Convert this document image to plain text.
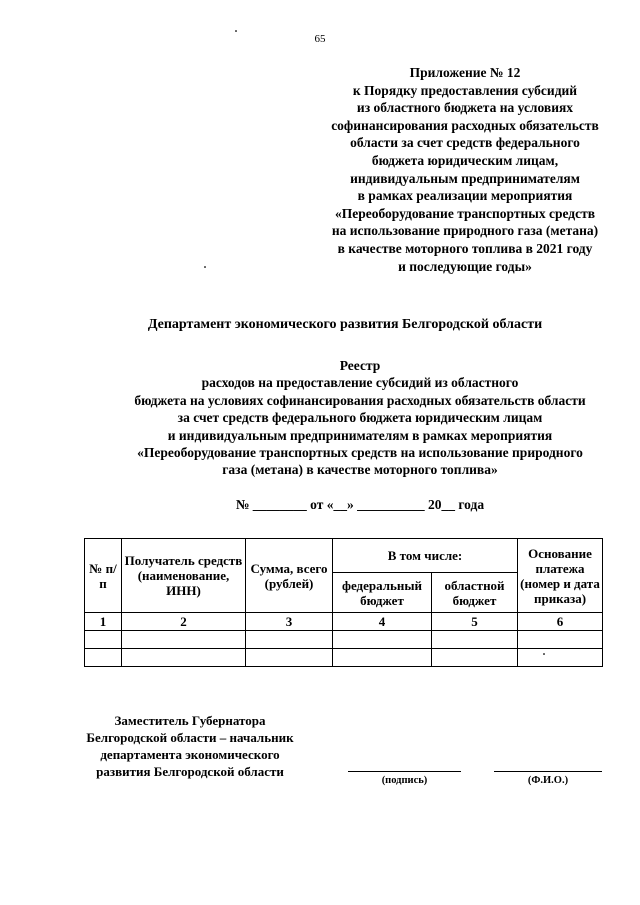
65
Приложение № 12
к Порядку предоставления субсидий
из областного бюджета на условиях
софинансирования расходных обязательств
области за счет средств федерального
бюджета юридическим лицам,
индивидуальным предпринимателям
в рамках реализации мероприятия
«Переоборудование транспортных средств
на использование природного газа (метана)
в качестве моторного топлива в 2021 году
и последующие годы»
Департамент экономического развития Белгородской области
Реестр
расходов на предоставление субсидий из областного
бюджета на условиях софинансирования расходных обязательств области
за счет средств федерального бюджета юридическим лицам
и индивидуальным предпринимателям в рамках мероприятия
«Переоборудование транспортных средств на использование природного
газа (метана) в качестве моторного топлива»
№ ________ от «__» __________ 20__ года
№ п/п	Получатель средств (наименование, ИНН)	Сумма, всего (рублей)	В том числе:		Основание платежа (номер и дата приказа)
			федеральный бюджет	областной бюджет	
1	2	3	4	5	6

Заместитель Губернатора
Белгородской области – начальник
департамента экономического
развития Белгородской области
(подпись)	(Ф.И.О.)
